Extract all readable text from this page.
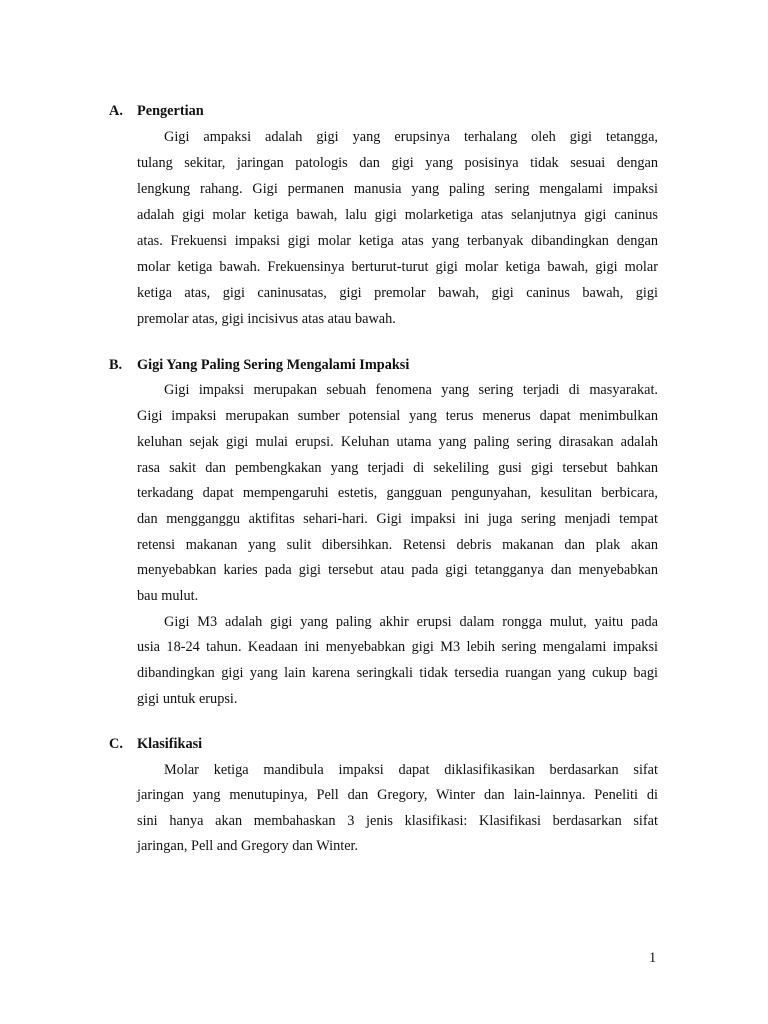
A. Pengertian
Gigi ampaksi adalah gigi yang erupsinya terhalang oleh gigi tetangga,
tulang sekitar, jaringan patologis dan gigi yang posisinya tidak sesuai dengan
lengkung rahang. Gigi permanen manusia yang paling sering mengalami impaksi
adalah gigi molar ketiga bawah, lalu gigi molarketiga atas selanjutnya gigi caninus
atas. Frekuensi impaksi gigi molar ketiga atas yang terbanyak dibandingkan dengan
molar ketiga bawah. Frekuensinya berturut-turut gigi molar ketiga bawah, gigi molar
ketiga atas, gigi caninusatas, gigi premolar bawah, gigi caninus bawah, gigi
premolar atas, gigi incisivus atas atau bawah.
B. Gigi Yang Paling Sering Mengalami Impaksi
Gigi impaksi merupakan sebuah fenomena yang sering terjadi di masyarakat.
Gigi impaksi merupakan sumber potensial yang terus menerus dapat menimbulkan
keluhan sejak gigi mulai erupsi. Keluhan utama yang paling sering dirasakan adalah
rasa sakit dan pembengkakan yang terjadi di sekeliling gusi gigi tersebut bahkan
terkadang dapat mempengaruhi estetis, gangguan pengunyahan, kesulitan berbicara,
dan mengganggu aktifitas sehari-hari. Gigi impaksi ini juga sering menjadi tempat
retensi makanan yang sulit dibersihkan. Retensi debris makanan dan plak akan
menyebabkan karies pada gigi tersebut atau pada gigi tetangganya dan menyebabkan
bau mulut.
Gigi M3 adalah gigi yang paling akhir erupsi dalam rongga mulut, yaitu pada
usia 18-24 tahun. Keadaan ini menyebabkan gigi M3 lebih sering mengalami impaksi
dibandingkan gigi yang lain karena seringkali tidak tersedia ruangan yang cukup bagi
gigi untuk erupsi.
C. Klasifikasi
Molar ketiga mandibula impaksi dapat diklasifikasikan berdasarkan sifat
jaringan yang menutupinya, Pell dan Gregory, Winter dan lain-lainnya. Peneliti di
sini hanya akan membahaskan 3 jenis klasifikasi: Klasifikasi berdasarkan sifat
jaringan, Pell and Gregory dan Winter.
1
